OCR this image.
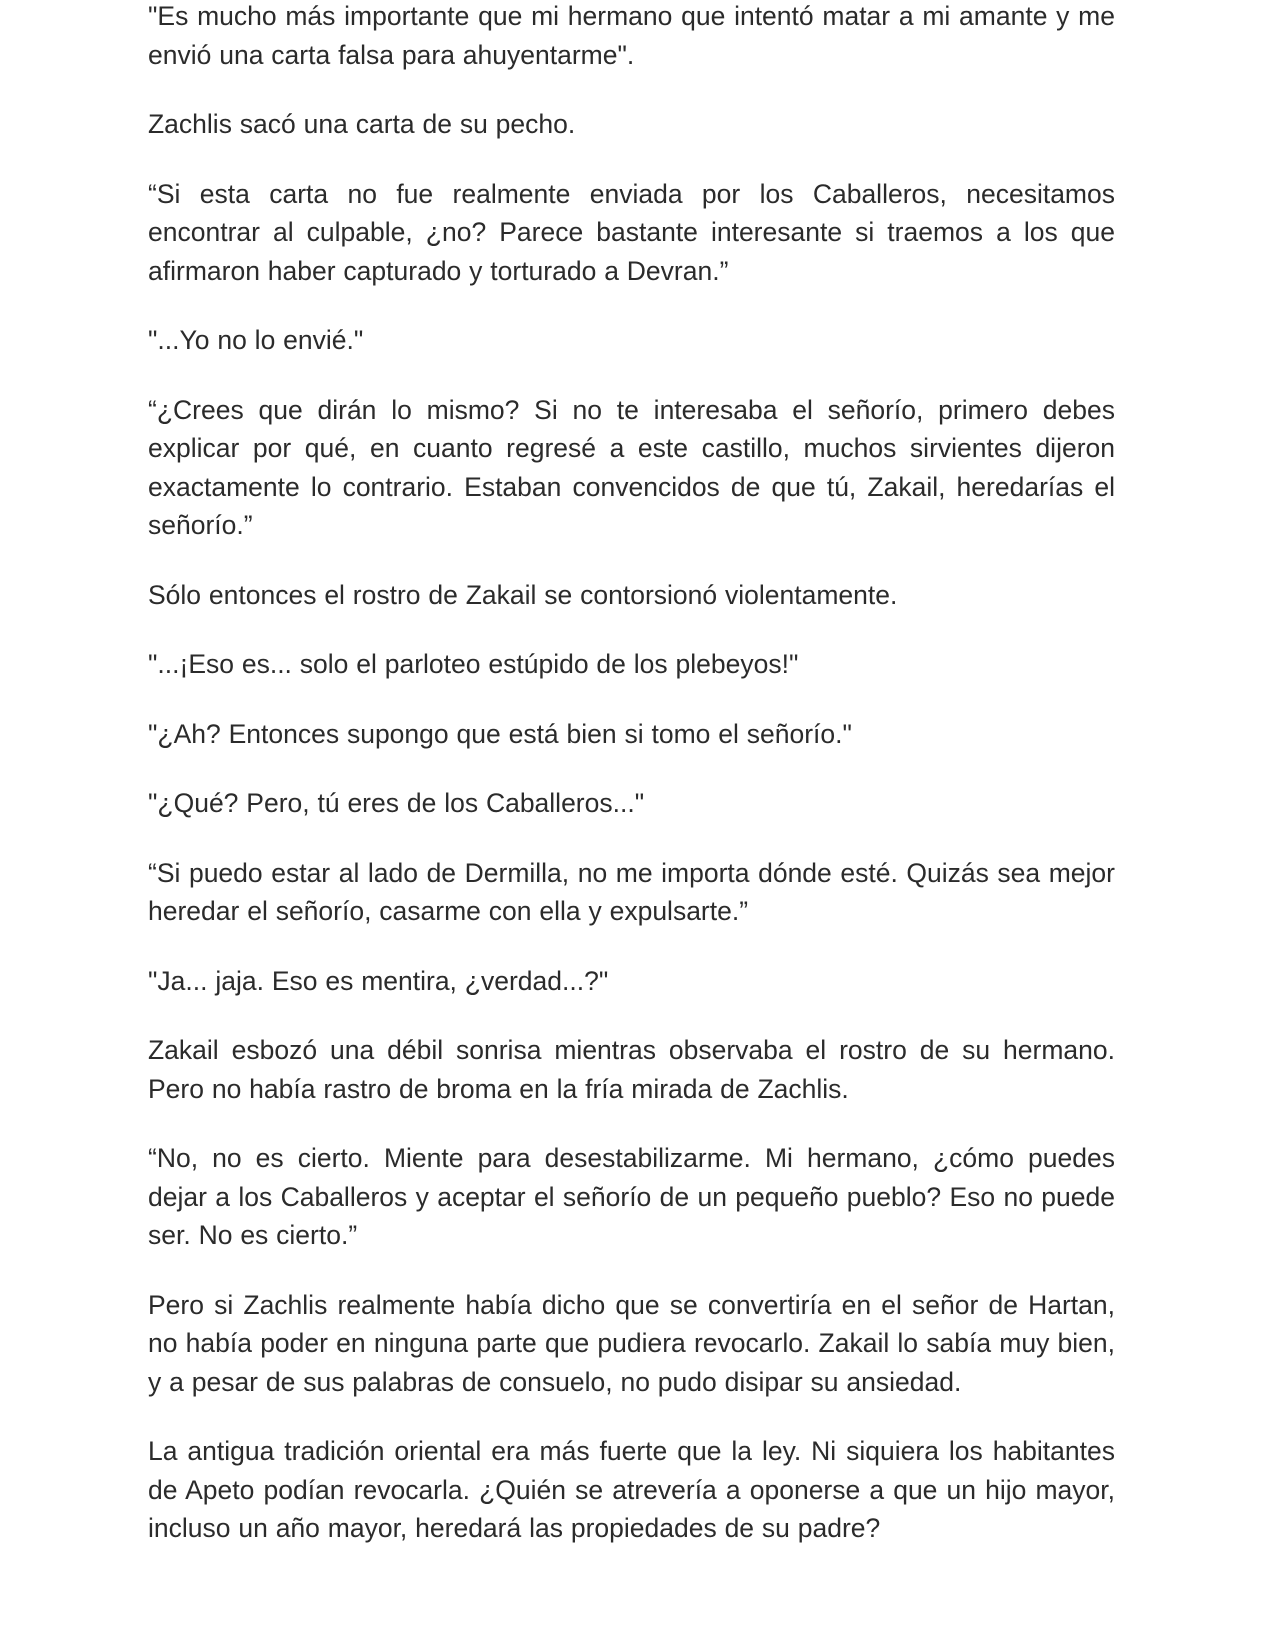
"Es mucho más importante que mi hermano que intentó matar a mi amante y me envió una carta falsa para ahuyentarme".

Zachlis sacó una carta de su pecho.

“Si esta carta no fue realmente enviada por los Caballeros, necesitamos encontrar al culpable, ¿no? Parece bastante interesante si traemos a los que afirmaron haber capturado y torturado a Devran.”

"...Yo no lo envié."

“¿Crees que dirán lo mismo? Si no te interesaba el señorío, primero debes explicar por qué, en cuanto regresé a este castillo, muchos sirvientes dijeron exactamente lo contrario. Estaban convencidos de que tú, Zakail, heredarías el señorío.”

Sólo entonces el rostro de Zakail se contorsionó violentamente.

"...¡Eso es... solo el parloteo estúpido de los plebeyos!"

"¿Ah? Entonces supongo que está bien si tomo el señorío."

"¿Qué? Pero, tú eres de los Caballeros..."

“Si puedo estar al lado de Dermilla, no me importa dónde esté. Quizás sea mejor heredar el señorío, casarme con ella y expulsarte.”

"Ja... jaja. Eso es mentira, ¿verdad...?"

Zakail esbozó una débil sonrisa mientras observaba el rostro de su hermano. Pero no había rastro de broma en la fría mirada de Zachlis.

“No, no es cierto. Miente para desestabilizarme. Mi hermano, ¿cómo puedes dejar a los Caballeros y aceptar el señorío de un pequeño pueblo? Eso no puede ser. No es cierto.”

Pero si Zachlis realmente había dicho que se convertiría en el señor de Hartan, no había poder en ninguna parte que pudiera revocarlo. Zakail lo sabía muy bien, y a pesar de sus palabras de consuelo, no pudo disipar su ansiedad.

La antigua tradición oriental era más fuerte que la ley. Ni siquiera los habitantes de Apeto podían revocarla. ¿Quién se atrevería a oponerse a que un hijo mayor, incluso un año mayor, heredará las propiedades de su padre?
